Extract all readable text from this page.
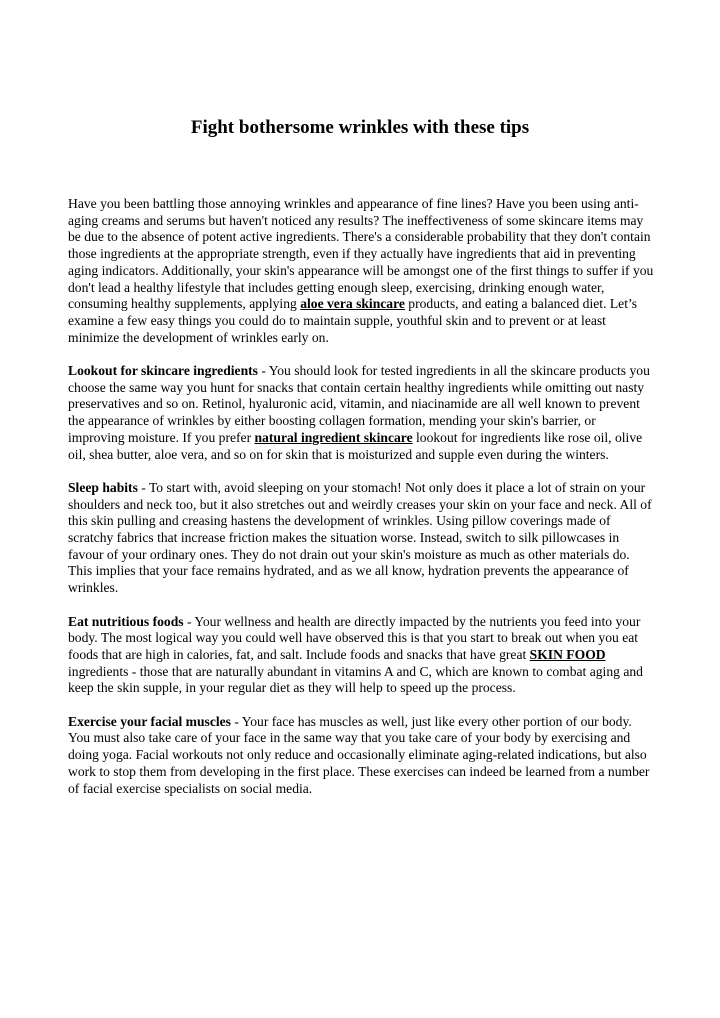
Fight bothersome wrinkles with these tips

Have you been battling those annoying wrinkles and appearance of fine lines? Have you been using anti-aging creams and serums but haven't noticed any results? The ineffectiveness of some skincare items may be due to the absence of potent active ingredients. There's a considerable probability that they don't contain those ingredients at the appropriate strength, even if they actually have ingredients that aid in preventing aging indicators. Additionally, your skin's appearance will be amongst one of the first things to suffer if you don't lead a healthy lifestyle that includes getting enough sleep, exercising, drinking enough water, consuming healthy supplements, applying aloe vera skincare products, and eating a balanced diet. Let’s examine a few easy things you could do to maintain supple, youthful skin and to prevent or at least minimize the development of wrinkles early on.

Lookout for skincare ingredients - You should look for tested ingredients in all the skincare products you choose the same way you hunt for snacks that contain certain healthy ingredients while omitting out nasty preservatives and so on. Retinol, hyaluronic acid, vitamin, and niacinamide are all well known to prevent the appearance of wrinkles by either boosting collagen formation, mending your skin's barrier, or improving moisture. If you prefer natural ingredient skincare lookout for ingredients like rose oil, olive oil, shea butter, aloe vera, and so on for skin that is moisturized and supple even during the winters.

Sleep habits - To start with, avoid sleeping on your stomach! Not only does it place a lot of strain on your shoulders and neck too, but it also stretches out and weirdly creases your skin on your face and neck. All of this skin pulling and creasing hastens the development of wrinkles. Using pillow coverings made of scratchy fabrics that increase friction makes the situation worse. Instead, switch to silk pillowcases in favour of your ordinary ones. They do not drain out your skin's moisture as much as other materials do. This implies that your face remains hydrated, and as we all know, hydration prevents the appearance of wrinkles.

Eat nutritious foods - Your wellness and health are directly impacted by the nutrients you feed into your body. The most logical way you could well have observed this is that you start to break out when you eat foods that are high in calories, fat, and salt. Include foods and snacks that have great SKIN FOOD ingredients - those that are naturally abundant in vitamins A and C, which are known to combat aging and keep the skin supple, in your regular diet as they will help to speed up the process.

Exercise your facial muscles - Your face has muscles as well, just like every other portion of our body. You must also take care of your face in the same way that you take care of your body by exercising and doing yoga. Facial workouts not only reduce and occasionally eliminate aging-related indications, but also work to stop them from developing in the first place. These exercises can indeed be learned from a number of facial exercise specialists on social media.
